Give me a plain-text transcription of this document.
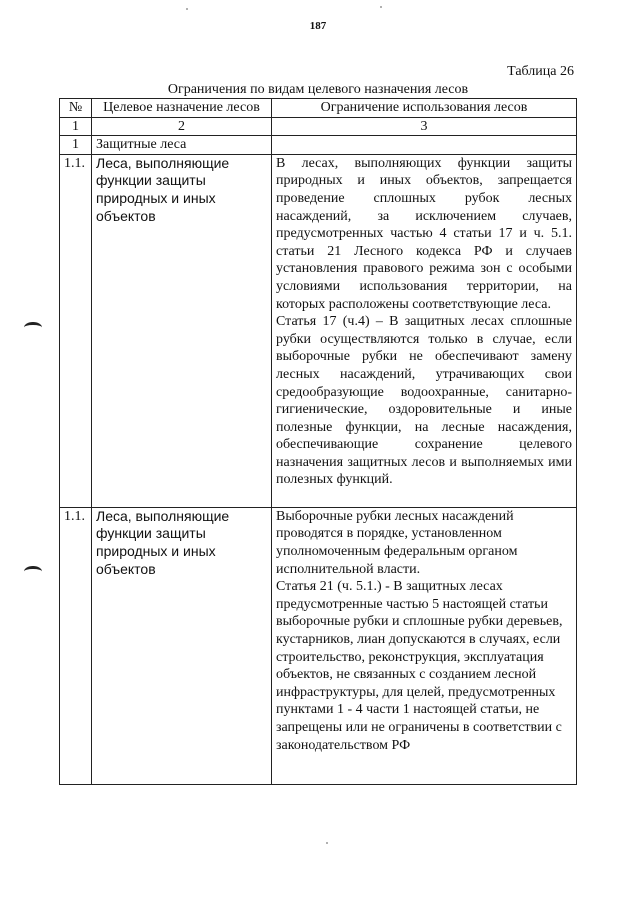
187
Таблица 26
Ограничения по видам целевого назначения лесов
№	Целевое назначение лесов	Ограничение использования лесов
1	2	3
1	Защитные леса	
1.1.	Леса, выполняющие функции защиты природных и иных объектов	В лесах, выполняющих функции защиты природных и иных объектов, запрещается проведение сплошных рубок лесных насаждений, за исключением случаев, предусмотренных частью 4 статьи 17 и ч. 5.1. статьи 21 Лесного кодекса РФ и случаев установления правового режима зон с особыми условиями использования территории, на которых расположены соответствующие леса.
Статья 17 (ч.4) – В защитных лесах сплошные рубки осуществляются только в случае, если выборочные рубки не обеспечивают замену лесных насаждений, утрачивающих свои средообразующие водоохранные, санитарно-гигиенические, оздоровительные и иные полезные функции, на лесные насаждения, обеспечивающие сохранение целевого назначения защитных лесов и выполняемых ими полезных функций.

1.1.	Леса, выполняющие функции защиты природных и иных объектов	Выборочные рубки лесных насаждений проводятся в порядке, установленном уполномоченным федеральным органом исполнительной власти.
Статья 21 (ч. 5.1.) - В защитных лесах предусмотренные частью 5 настоящей статьи выборочные рубки и сплошные рубки деревьев, кустарников, лиан допускаются в случаях, если строительство, реконструкция, эксплуатация объектов, не связанных с созданием лесной инфраструктуры, для целей, предусмотренных пунктами 1 - 4 части 1 настоящей статьи, не запрещены или не ограничены в соответствии с законодательством РФ
